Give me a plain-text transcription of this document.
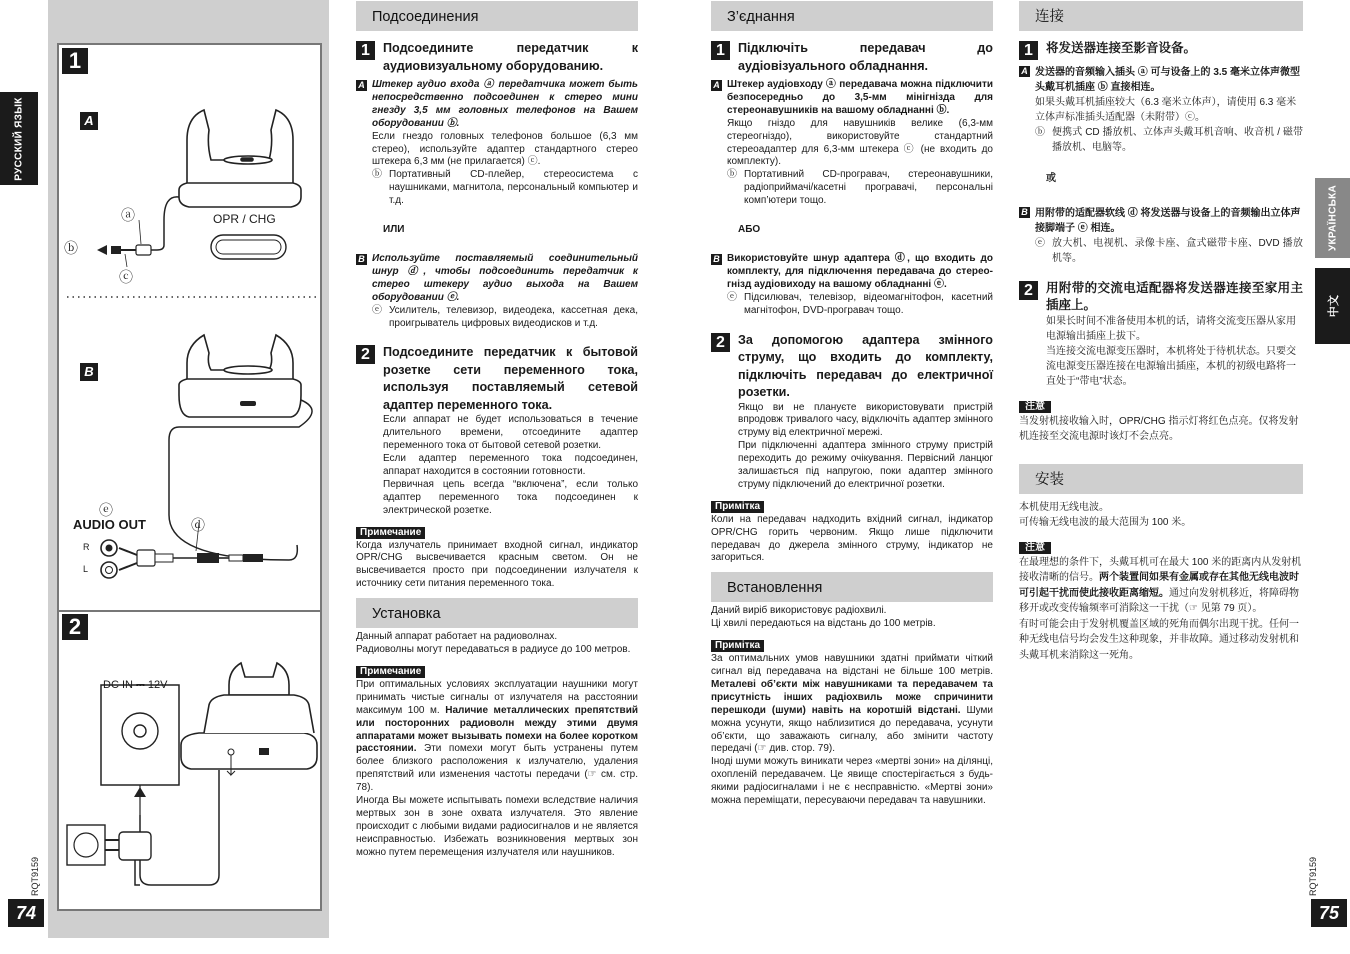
РУССКИЙ ЯЗЫК
RQT9159
74
1
A
B
2
ⓐ
ⓑ
ⓒ
OPR / CHG
ⓔ
AUDIO OUT	ⓓ
R
L
DC IN ⎓ 12V
Подсоединения
1	Подсоедините передатчик к аудиовизуальному оборудованию.
A Штекер аудио входа ⓐ передатчика может быть непосредственно подсоединен к стерео мини гнезду 3,5 мм головных телефонов на Вашем оборудовании ⓑ.

Если гнездо головных телефонов большое (6,3 мм стерео), используйте адаптер стандартного стерео штекера 6,3 мм (не прилагается) ⓒ.

ⓑ Портативный CD-плейер, стереосистема с наушниками, магнитола, персональный компьютер и т.д.
ИЛИ
B Используйте поставляемый соединительный шнур ⓓ, чтобы подсоединить передатчик к стерео штекеру аудио выхода на Вашем оборудовании ⓔ.

ⓔ Усилитель, телевизор, видеодека, кассетная дека, проигрыватель цифровых видеодисков и т.д.
2	Подсоедините передатчик к бытовой розетке сети переменного тока, используя поставляемый сетевой адаптер переменного тока.

Если аппарат не будет использоваться в течение длительного времени, отсоедините адаптер переменного тока от бытовой сетевой розетки.

Если адаптер переменного тока подсоединен, аппарат находится в состоянии готовности.

Первичная цепь всегда “включена”, если только адаптер переменного тока подсоединен к электрической розетке.

Примечание

Когда излучатель принимает входной сигнал, индикатор OPR/CHG высвечивается красным светом. Он не высвечивается просто при подсоединении излучателя к источнику сети питания переменного тока.

Установка

Данный аппарат работает на радиоволнах.

Радиоволны могут передаваться в радиусе до 100 метров.

Примечание

При оптимальных условиях эксплуатации наушники могут принимать чистые сигналы от излучателя на расстоянии максимум 100 м. Наличие металлических препятствий или посторонних радиоволн между этими двумя аппаратами может вызывать помехи на более коротком расстоянии. Эти помехи могут быть устранены путем более близкого расположения к излучателю, удаления препятствий или изменения частоты передачи (☞ см. стр. 78).

Иногда Вы можете испытывать помехи вследствие наличия мертвых зон в зоне охвата излучателя. Это явление происходит с любыми видами радиосигналов и не является неисправностью. Избежать возникновения мертвых зон можно путем перемещения излучателя или наушников.

З’єднання
1	Підключіть передавач до аудіовізуального обладнання.
A Штекер аудіовходу ⓐ передавача можна підключити безпосередньо до 3,5-мм мінігнізда для стереонавушників на вашому обладнанні ⓑ.

Якщо гніздо для навушників велике (6,3-мм стереогніздо), використовуйте стандартний стереоадаптер для 6,3-мм штекера ⓒ (не входить до комплекту).

ⓑ Портативний CD-програвач, стереонавушники, радіоприймачі/касетні програвачі, персональні комп’ютери тощо.
АБО
B Використовуйте шнур адаптера ⓓ, що входить до комплекту, для підключення передавача до стерео-гнізд аудіовиходу на вашому обладнанні ⓔ.

ⓔ Підсилювач, телевізор, відеомагнітофон, касетний магнітофон, DVD-програвач тощо.
2	За допомогою адаптера змінного струму, що входить до комплекту, підключіть передавач до електричної розетки.

Якщо ви не плануєте використовувати пристрій впродовж тривалого часу, відключіть адаптер змінного струму від електричної мережі.

При підключенні адаптера змінного струму пристрій переходить до режиму очікування. Первісний ланцюг залишається під напругою, поки адаптер змінного струму підключений до електричної розетки.

Примітка

Коли на передавач надходить вхідний сигнал, індикатор OPR/CHG горить червоним. Якщо лише підключити передавач до джерела змінного струму, індикатор не загориться.

Встановлення

Даний виріб використовує радіохвилі.

Ці хвилі передаються на відстань до 100 метрів.

Примітка

За оптимальних умов навушники здатні приймати чіткий сигнал від передавача на відстані не більше 100 метрів. Металеві об’єкти між навушниками та передавачем та присутність інших радіохвиль може спричинити перешкоди (шуми) навіть на коротшій відстані. Шуми можна усунути, якщо наблизитися до передавача, усунути об’єкти, що заважають сигналу, або змінити частоту передачі (☞ див. стор. 79).

Іноді шуми можуть виникати через «мертві зони» на ділянці, охопленій передавачем. Це явище спостерігається з будь-якими радіосигналами і не є несправністю. «Мертві зони» можна переміщати, пересуваючи передавач та навушники.

连接
1	将发送器连接至影音设备。
A 发送器的音频输入插头 ⓐ 可与设备上的 3.5 毫米立体声微型头戴耳机插座 ⓑ 直接相连。

如果头戴耳机插座较大（6.3 毫米立体声），请使用 6.3 毫米立体声标准插头适配器（未附带）ⓒ。

ⓑ 便携式 CD 播放机、立体声头戴耳机音响、收音机 / 磁带播放机、电脑等。
或
B 用附带的适配器软线 ⓓ 将发送器与设备上的音频输出立体声接脚端子 ⓔ 相连。

ⓔ 放大机、电视机、录像卡座、盒式磁带卡座、DVD 播放机等。
2	用附带的交流电适配器将发送器连接至家用主插座上。

如果长时间不准备使用本机的话，请将交流变压器从家用电源输出插座上拔下。

当连接交流电源变压器时，本机将处于待机状态。只要交流电源变压器连接在电源输出插座，本机的初级电路将一直处于“带电”状态。

注意

当发射机接收输入时，OPR/CHG 指示灯将红色点亮。仅将发射机连接至交流电源时该灯不会点亮。

安装

本机使用无线电波。

可传输无线电波的最大范围为 100 米。

注意

在最理想的条件下，头戴耳机可在最大 100 米的距离内从发射机接收清晰的信号。两个装置间如果有金属或存在其他无线电波时可引起干扰而使此接收距离缩短。通过向发射机移近，将障碍物移开或改变传输频率可消除这一干扰（☞ 见第 79 页）。

有时可能会由于发射机覆盖区域的死角而偶尔出现干扰。任何一种无线电信号均会发生这种现象，并非故障。通过移动发射机和头戴耳机来消除这一死角。

УКРАЇНСЬКА
中文
RQT9159
75
